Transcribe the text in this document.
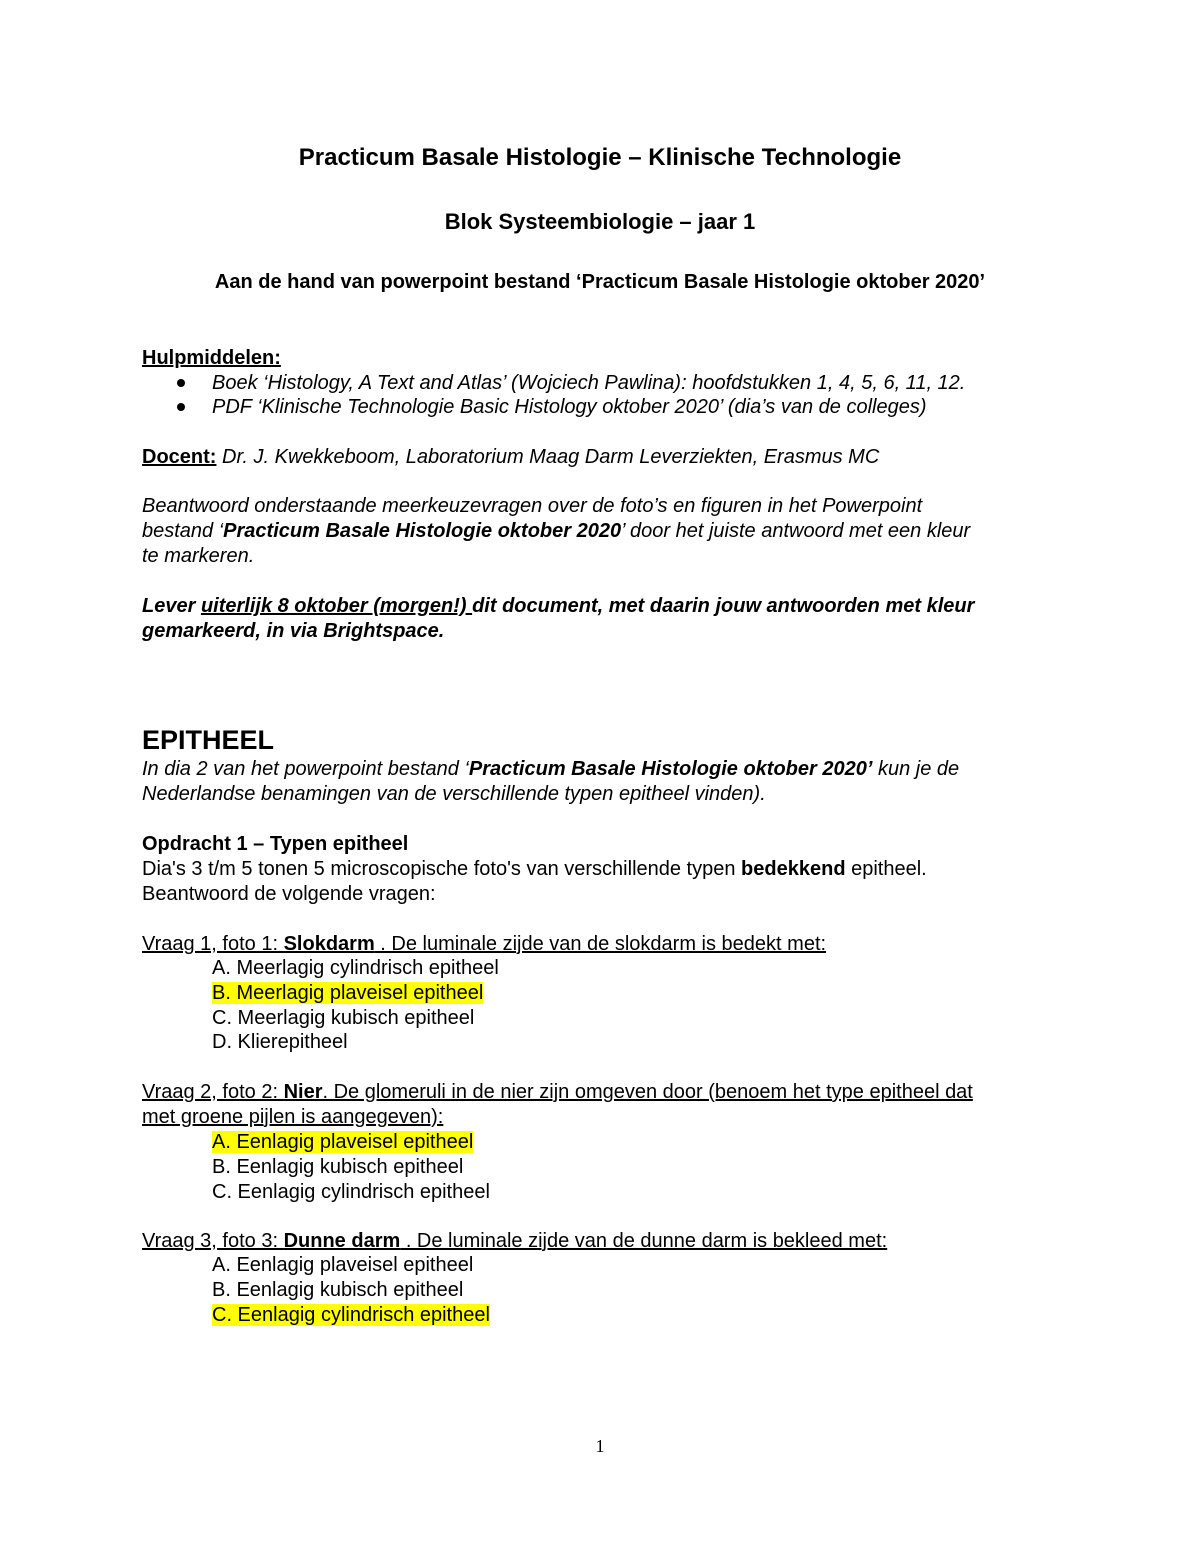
Practicum Basale Histologie – Klinische Technologie
Blok Systeembiologie – jaar 1
Aan de hand van powerpoint bestand ‘Practicum Basale Histologie oktober 2020’
Hulpmiddelen:
Boek ‘Histology, A Text and Atlas’ (Wojciech Pawlina): hoofdstukken 1, 4, 5, 6, 11, 12.
PDF ‘Klinische Technologie Basic Histology oktober 2020’ (dia’s van de colleges)
Docent: Dr. J. Kwekkeboom, Laboratorium Maag Darm Leverziekten, Erasmus MC
Beantwoord onderstaande meerkeuzevragen over de foto’s en figuren in het Powerpoint
bestand ‘Practicum Basale Histologie oktober 2020’ door het juiste antwoord met een kleur
te markeren.
Lever uiterlijk 8 oktober (morgen!) dit document, met daarin jouw antwoorden met kleur
gemarkeerd, in via Brightspace.
EPITHEEL
In dia 2 van het powerpoint bestand ‘Practicum Basale Histologie oktober 2020’ kun je de
Nederlandse benamingen van de verschillende typen epitheel vinden).
Opdracht 1 – Typen epitheel
Dia's 3 t/m 5 tonen 5 microscopische foto's van verschillende typen bedekkend epitheel.
Beantwoord de volgende vragen:
Vraag 1, foto 1: Slokdarm . De luminale zijde van de slokdarm is bedekt met:
A. Meerlagig cylindrisch epitheel
B. Meerlagig plaveisel epitheel
C. Meerlagig kubisch epitheel
D. Klierepitheel
Vraag 2, foto 2: Nier. De glomeruli in de nier zijn omgeven door (benoem het type epitheel dat
met groene pijlen is aangegeven):
A. Eenlagig plaveisel epitheel
B. Eenlagig kubisch epitheel
C. Eenlagig cylindrisch epitheel
Vraag 3, foto 3: Dunne darm . De luminale zijde van de dunne darm is bekleed met:
A. Eenlagig plaveisel epitheel
B. Eenlagig kubisch epitheel
C. Eenlagig cylindrisch epitheel
1
